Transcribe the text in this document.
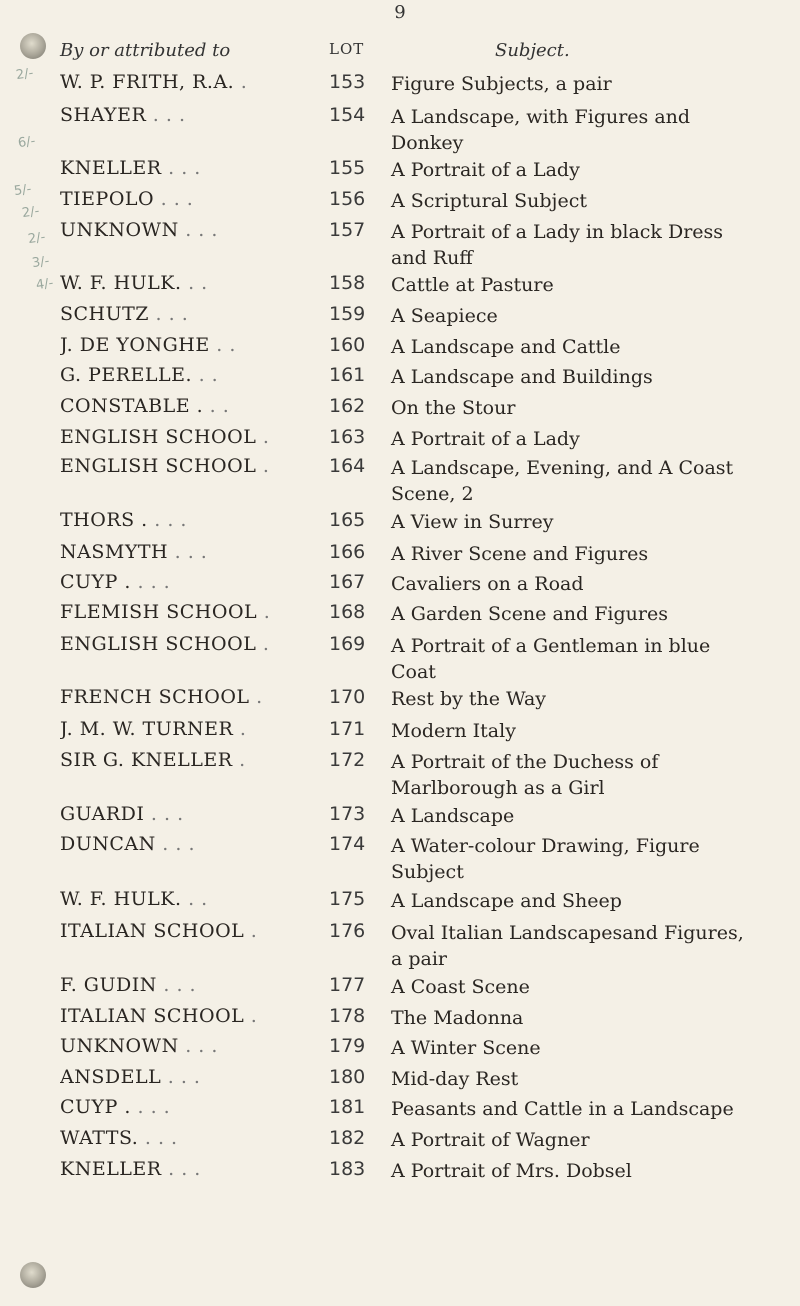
9
2/-
6/-
5/-
2/-
2/-
3/-
4/-
By or attributed to	LOT	Subject.
W. P. FRITH, R.A. .	153	Figure Subjects, a pair
SHAYER . . .	154	A Landscape, with Figures and
Donkey
KNELLER . . .	155	A Portrait of a Lady
TIEPOLO . . .	156	A Scriptural Subject
UNKNOWN . . .	157	A Portrait of a Lady in black Dress
and Ruff
W. F. HULK. . .	158	Cattle at Pasture
SCHUTZ . . .	159	A Seapiece
J. DE YONGHE . .	160	A Landscape and Cattle
G. PERELLE. . .	161	A Landscape and Buildings
CONSTABLE . . .	162	On the Stour
ENGLISH SCHOOL .	163	A Portrait of a Lady
ENGLISH SCHOOL .	164	A Landscape, Evening, and A Coast
Scene, 2
THORS . . . .	165	A View in Surrey
NASMYTH . . .	166	A River Scene and Figures
CUYP . . . .	167	Cavaliers on a Road
FLEMISH SCHOOL .	168	A Garden Scene and Figures
ENGLISH SCHOOL .	169	A Portrait of a Gentleman in blue
Coat
FRENCH SCHOOL .	170	Rest by the Way
J. M. W. TURNER .	171	Modern Italy
SIR G. KNELLER .	172	A Portrait of the Duchess of
Marlborough as a Girl
GUARDI . . .	173	A Landscape
DUNCAN . . .	174	A Water-colour Drawing, Figure
Subject
W. F. HULK. . .	175	A Landscape and Sheep
ITALIAN SCHOOL .	176	Oval Italian Landscapesand Figures,
a pair
F. GUDIN . . .	177	A Coast Scene
ITALIAN SCHOOL .	178	The Madonna
UNKNOWN . . .	179	A Winter Scene
ANSDELL . . .	180	Mid-day Rest
CUYP . . . .	181	Peasants and Cattle in a Landscape
WATTS. . . .	182	A Portrait of Wagner
KNELLER . . .	183	A Portrait of Mrs. Dobsel
